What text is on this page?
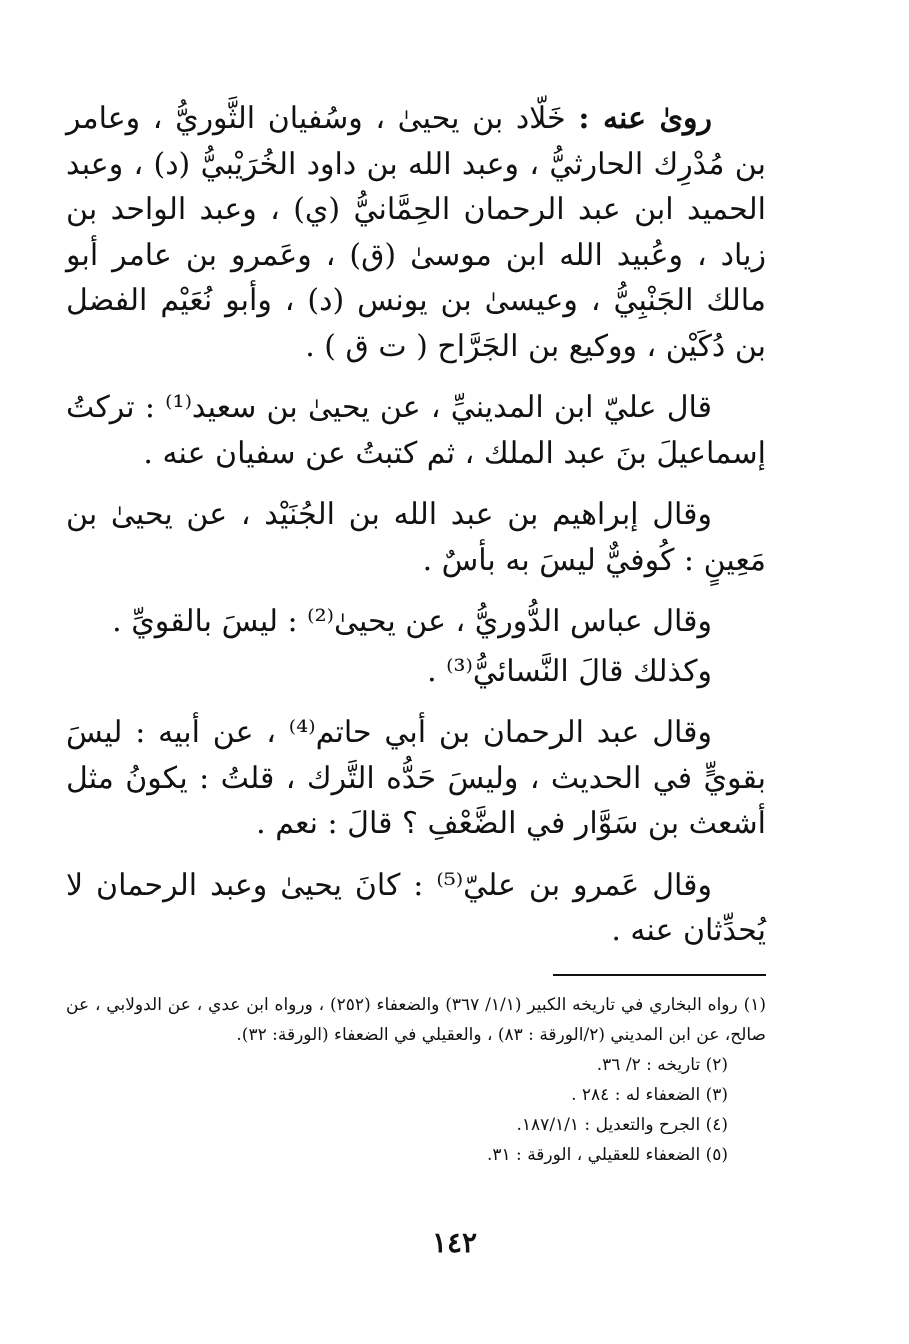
روىٰ عنه : خَلّاد بن يحيىٰ ، وسُفيان الثَّوريُّ ، وعامر بن مُدْرِك الحارثيُّ ، وعبد الله بن داود الخُرَيْبيُّ (د) ، وعبد الحميد ابن عبد الرحمان الحِمَّانيُّ (ي) ، وعبد الواحد بن زياد ، وعُبيد الله ابن موسىٰ (ق) ، وعَمرو بن عامر أبو مالك الجَنْبِيُّ ، وعيسىٰ بن يونس (د) ، وأبو نُعَيْم الفضل بن دُكَيْن ، ووكيع بن الجَرَّاح ( ت ق ) .

قال عليّ ابن المدينيِّ ، عن يحيىٰ بن سعيد⁽¹⁾ : تركتُ إسماعيلَ بنَ عبد الملك ، ثم كتبتُ عن سفيان عنه .

وقال إبراهيم بن عبد الله بن الجُنَيْد ، عن يحيىٰ بن مَعِينٍ : كُوفيٌّ ليسَ به بأسٌ .

وقال عباس الدُّوريُّ ، عن يحيىٰ⁽²⁾ : ليسَ بالقويِّ .

وكذلك قالَ النَّسائيُّ⁽³⁾ .

وقال عبد الرحمان بن أبي حاتم⁽⁴⁾ ، عن أبيه : ليسَ بقويٍّ في الحديث ، وليسَ حَدُّه التَّرك ، قلتُ : يكونُ مثل أشعث بن سَوَّار في الضَّعْفِ ؟ قالَ : نعم .

وقال عَمرو بن عليّ⁽⁵⁾ : كانَ يحيىٰ وعبد الرحمان لا يُحدِّثان عنه .

(١) رواه البخاري في تاريخه الكبير (١/١/ ٣٦٧) والضعفاء (٢٥٢) ، ورواه ابن عدي ، عن الدولابي ، عن صالح، عن ابن المديني (٢/الورقة : ٨٣) ، والعقيلي في الضعفاء (الورقة: ٣٢).

(٢) تاريخه : ٢/ ٣٦.

(٣) الضعفاء له : ٢٨٤ .

(٤) الجرح والتعديل : ١٨٧/١/١.

(٥) الضعفاء للعقيلي ، الورقة : ٣١.

١٤٢
